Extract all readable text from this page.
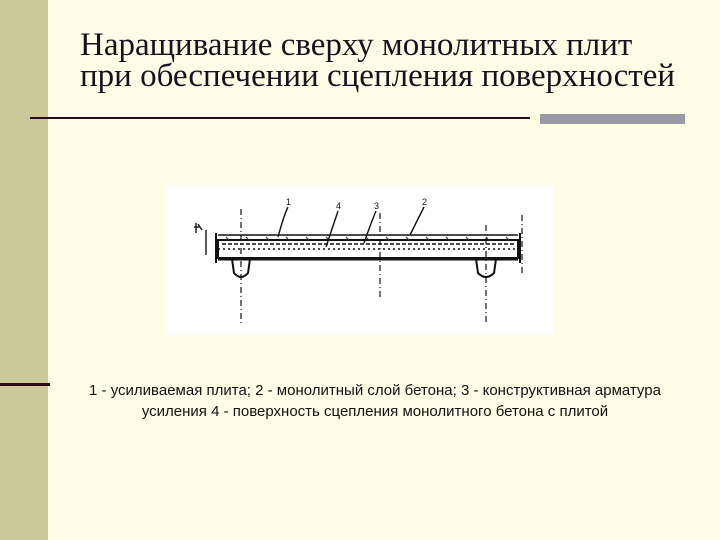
Наращивание сверху монолитных плит при обеспечении сцепления поверхностей
1	4	3	2
1 - усиливаемая плита; 2 - монолитный слой бетона; 3 - конструктивная арматура усиления 4 - поверхность сцепления монолитного бетона с плитой
